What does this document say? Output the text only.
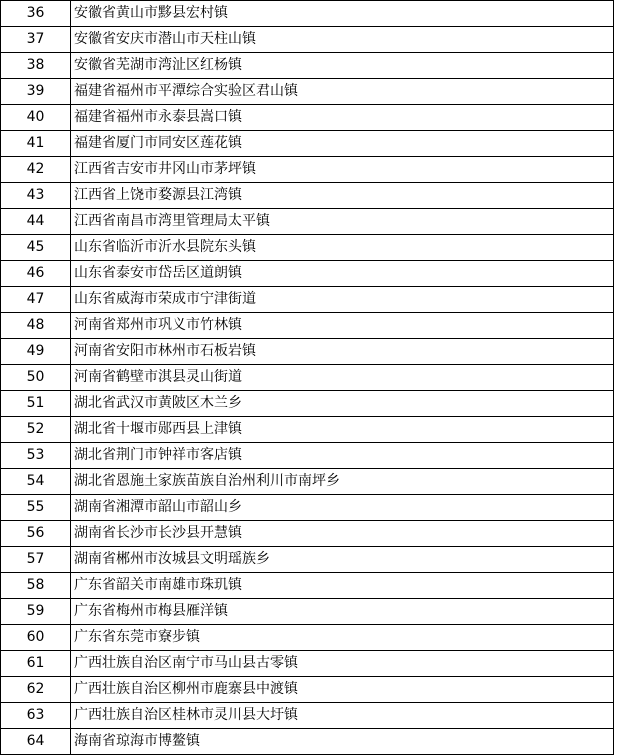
36	安徽省黄山市黟县宏村镇
37	安徽省安庆市潜山市天柱山镇
38	安徽省芜湖市湾沚区红杨镇
39	福建省福州市平潭综合实验区君山镇
40	福建省福州市永泰县嵩口镇
41	福建省厦门市同安区莲花镇
42	江西省吉安市井冈山市茅坪镇
43	江西省上饶市婺源县江湾镇
44	江西省南昌市湾里管理局太平镇
45	山东省临沂市沂水县院东头镇
46	山东省泰安市岱岳区道朗镇
47	山东省威海市荣成市宁津街道
48	河南省郑州市巩义市竹林镇
49	河南省安阳市林州市石板岩镇
50	河南省鹤壁市淇县灵山街道
51	湖北省武汉市黄陂区木兰乡
52	湖北省十堰市郧西县上津镇
53	湖北省荆门市钟祥市客店镇
54	湖北省恩施土家族苗族自治州利川市南坪乡
55	湖南省湘潭市韶山市韶山乡
56	湖南省长沙市长沙县开慧镇
57	湖南省郴州市汝城县文明瑶族乡
58	广东省韶关市南雄市珠玑镇
59	广东省梅州市梅县雁洋镇
60	广东省东莞市寮步镇
61	广西壮族自治区南宁市马山县古零镇
62	广西壮族自治区柳州市鹿寨县中渡镇
63	广西壮族自治区桂林市灵川县大圩镇
64	海南省琼海市博鳌镇
